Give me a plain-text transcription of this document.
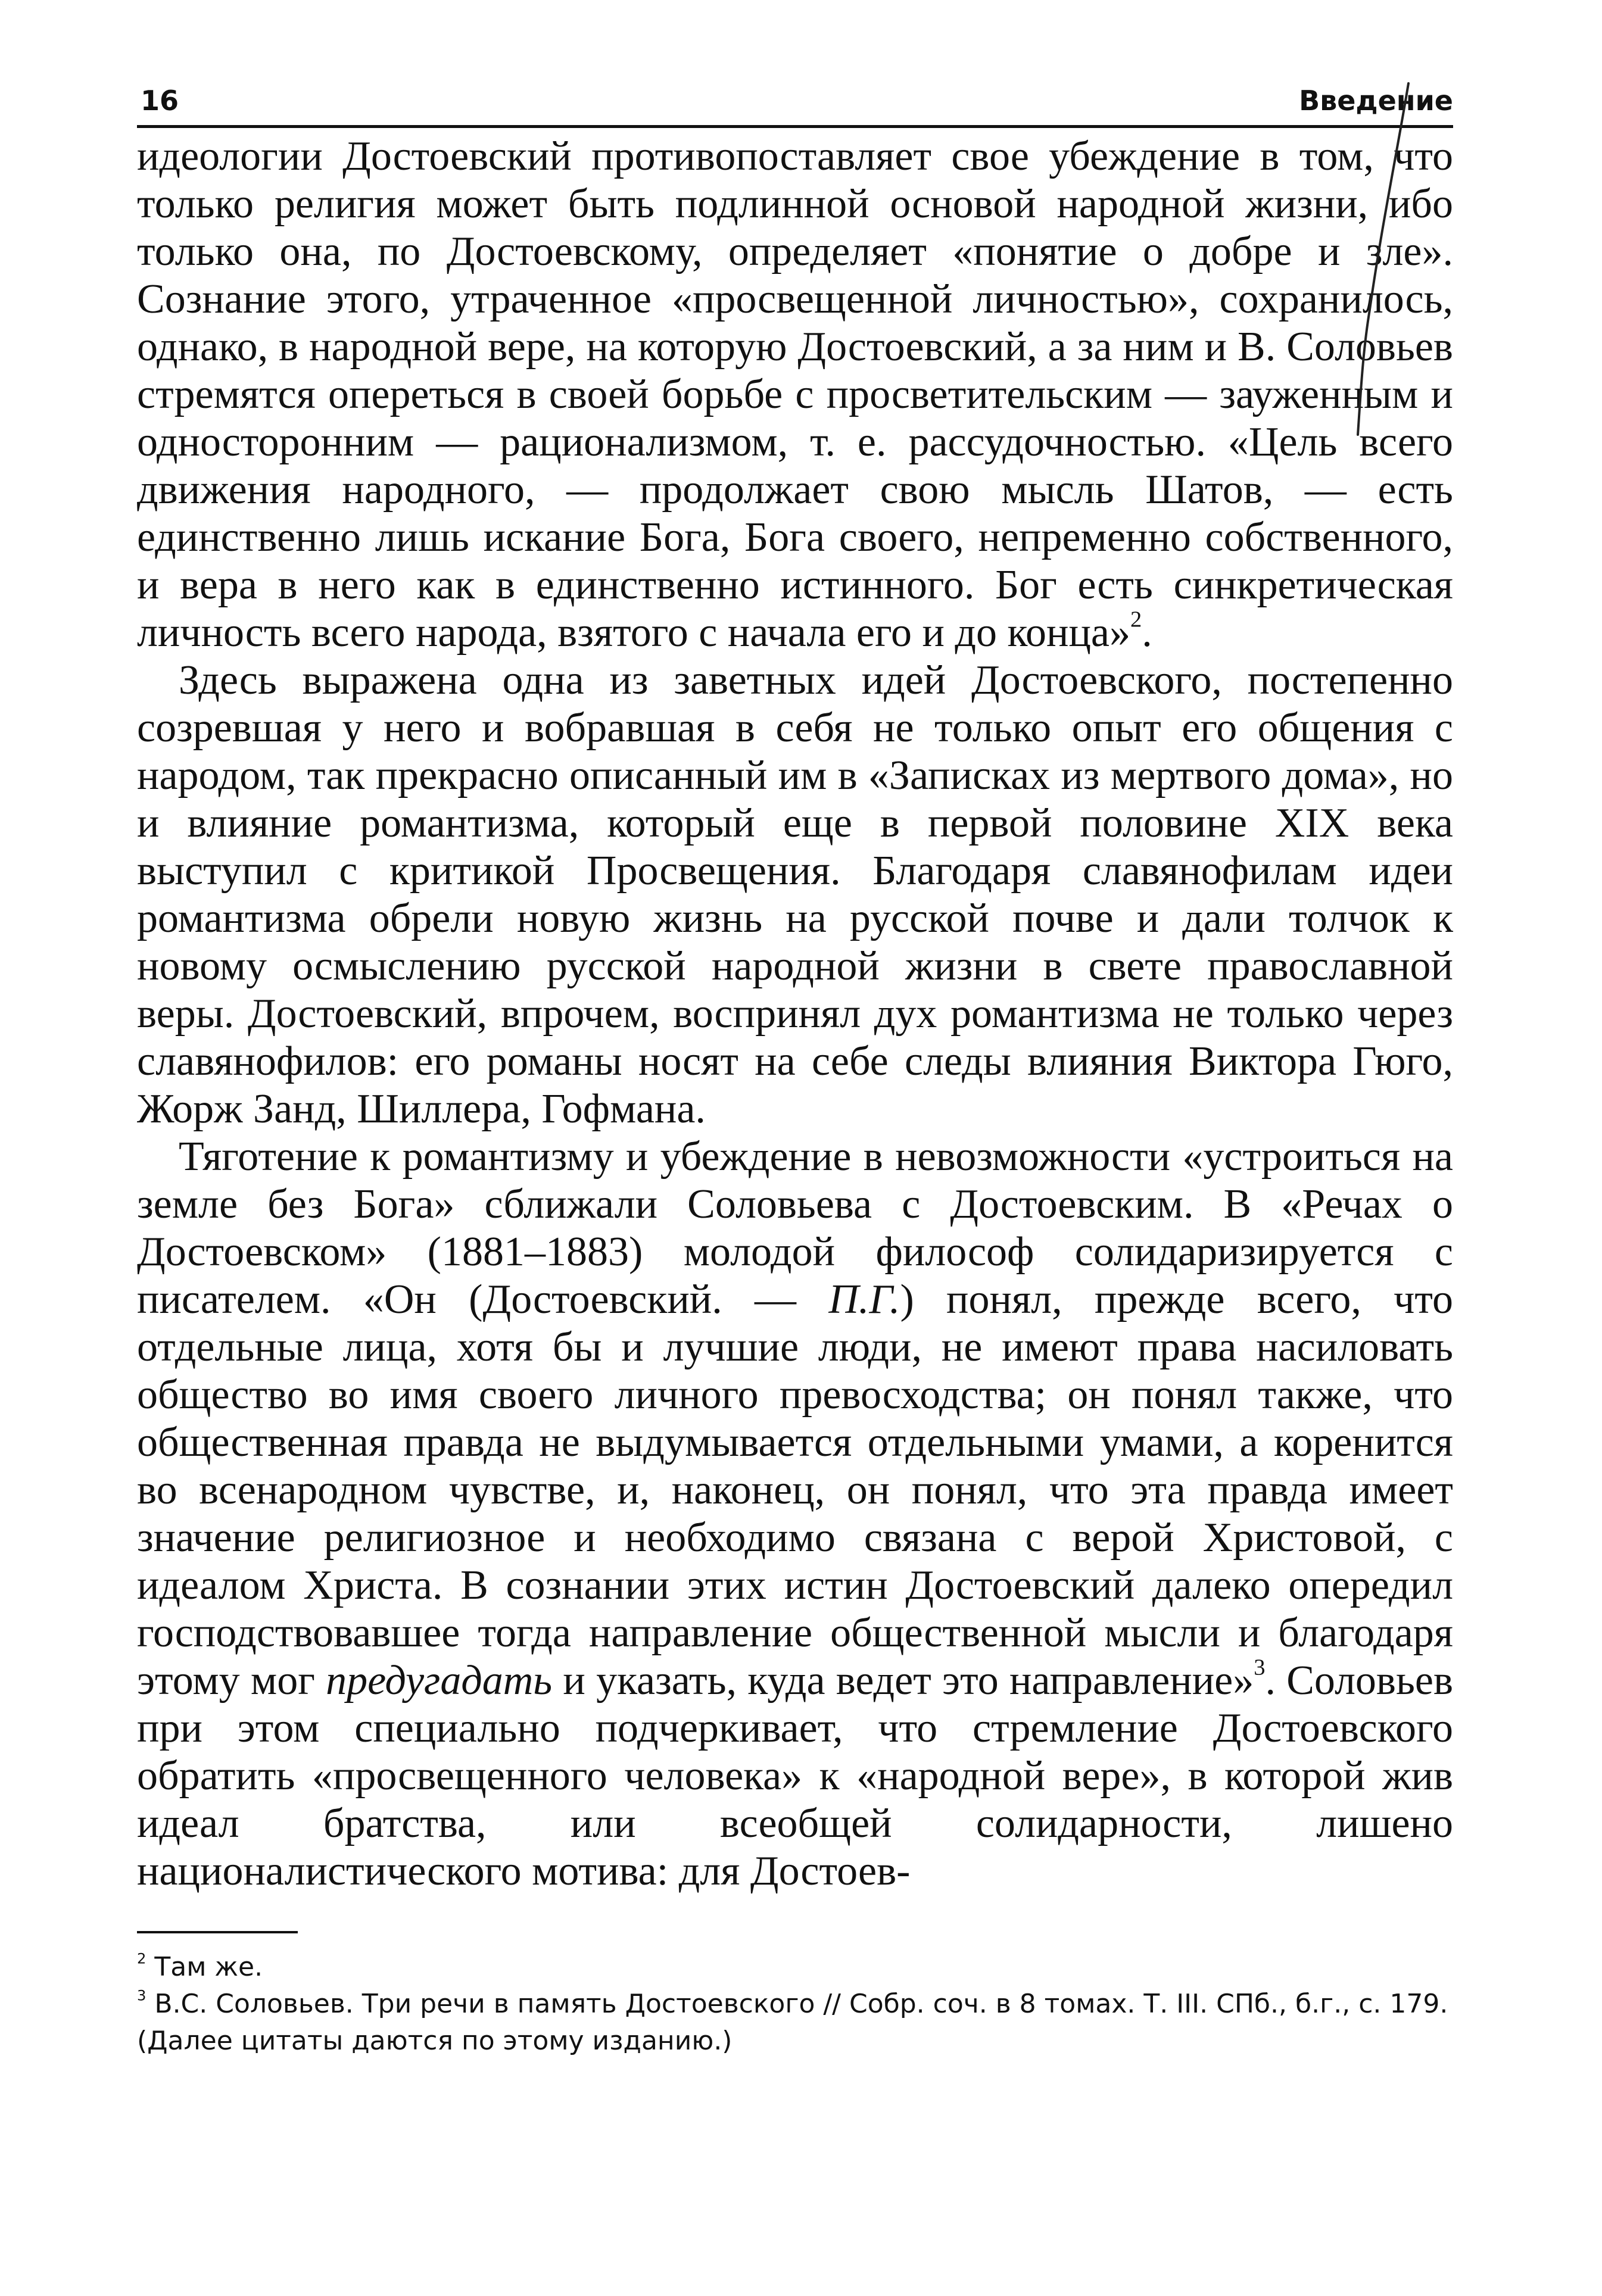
16	Введение

идеологии Достоевский противопоставляет свое убеждение в том, что только религия может быть подлинной основой народной жизни, ибо только она, по Достоевскому, определяет «понятие о добре и зле». Сознание этого, утраченное «просвещенной личностью», сохранилось, однако, в народной вере, на которую Достоевский, а за ним и В. Соловьев стремятся опереться в своей борьбе с просветительским — зауженным и односторонним — рационализмом, т. е. рассудочностью. «Цель всего движения народного, — продолжает свою мысль Шатов, — есть единственно лишь искание Бога, Бога своего, непременно собственного, и вера в него как в единственно истинного. Бог есть синкретическая личность всего народа, взятого с начала его и до конца»$^2$.

Здесь выражена одна из заветных идей Достоевского, постепенно созревшая у него и вобравшая в себя не только опыт его общения с народом, так прекрасно описанный им в «Записках из мертвого дома», но и влияние романтизма, который еще в первой половине XIX века выступил с критикой Просвещения. Благодаря славянофилам идеи романтизма обрели новую жизнь на русской почве и дали толчок к новому осмыслению русской народной жизни в свете православной веры. Достоевский, впрочем, воспринял дух романтизма не только через славянофилов: его романы носят на себе следы влияния Виктора Гюго, Жорж Занд, Шиллера, Гофмана.

Тяготение к романтизму и убеждение в невозможности «устроиться на земле без Бога» сближали Соловьева с Достоевским. В «Речах о Достоевском» (1881–1883) молодой философ солидаризируется с писателем. «Он (Достоевский. — П.Г.) понял, прежде всего, что отдельные лица, хотя бы и лучшие люди, не имеют права насиловать общество во имя своего личного превосходства; он понял также, что общественная правда не выдумывается отдельными умами, а коренится во всенародном чувстве, и, наконец, он понял, что эта правда имеет значение религиозное и необходимо связана с верой Христовой, с идеалом Христа. В сознании этих истин Достоевский далеко опередил господствовавшее тогда направление общественной мысли и благодаря этому мог предугадать и указать, куда ведет это направление»$^3$. Соловьев при этом специально подчеркивает, что стремление Достоевского обратить «просвещенного человека» к «народной вере», в которой жив идеал братства, или всеобщей солидарности, лишено националистического мотива: для Достоев-

$^2$ Там же.

$^3$ В.С. Соловьев. Три речи в память Достоевского // Собр. соч. в 8 томах. Т. III. СПб., б.г., с. 179. (Далее цитаты даются по этому изданию.)
